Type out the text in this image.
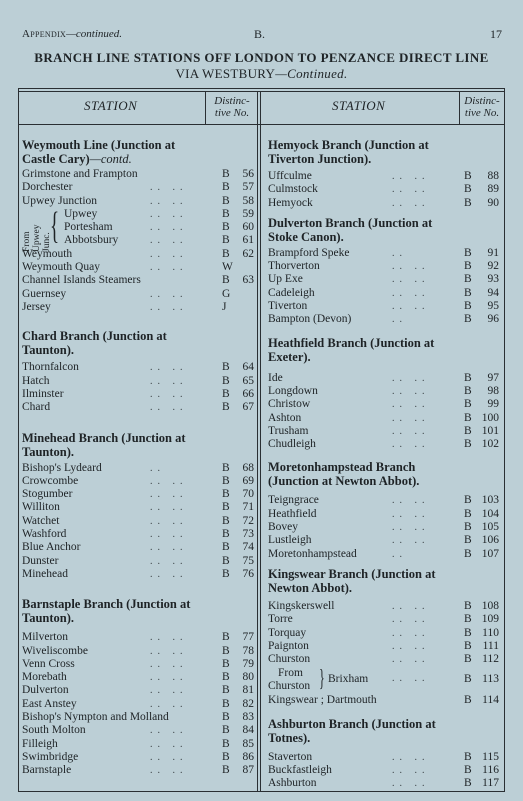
Appendix—continued.	B.	17
BRANCH LINE STATIONS OFF LONDON TO PENZANCE DIRECT LINE
VIA WESTBURY—Continued.
STATION	Distinc-
tive No.	STATION	Distinc-
tive No.
Weymouth Line (Junction at
Castle Cary)—contd.
Grimstone and Frampton	B	56
Dorchester	.. ..	B	57
Upwey Junction	.. ..	B	58
From Upwey Junc.
{ Upwey	.. ..	B	59
Portesham	.. ..	B	60
Abbotsbury	.. ..	B	61
Weymouth	.. ..	B	62
Weymouth Quay	.. ..	W
Channel Islands Steamers	B	63
Guernsey	.. ..	G
Jersey	.. ..	J
Chard Branch (Junction at
Taunton).
Thornfalcon	.. ..	B	64
Hatch	.. ..	B	65
Ilminster	.. ..	B	66
Chard	.. ..	B	67
Minehead Branch (Junction at
Taunton).
Bishop's Lydeard	..	B	68
Crowcombe	.. ..	B	69
Stogumber	.. ..	B	70
Williton	.. ..	B	71
Watchet	.. ..	B	72
Washford	.. ..	B	73
Blue Anchor	.. ..	B	74
Dunster	.. ..	B	75
Minehead	.. ..	B	76
Barnstaple Branch (Junction at
Taunton).
Milverton	.. ..	B	77
Wiveliscombe	.. ..	B	78
Venn Cross	.. ..	B	79
Morebath	.. ..	B	80
Dulverton	.. ..	B	81
East Anstey	.. ..	B	82
Bishop's Nympton and Molland	B	83
South Molton	.. ..	B	84
Filleigh	.. ..	B	85
Swimbridge	.. ..	B	86
Barnstaple	.. ..	B	87
Hemyock Branch (Junction at
Tiverton Junction).
Uffculme	.. ..	B	88
Culmstock	.. ..	B	89
Hemyock	.. ..	B	90
Dulverton Branch (Junction at
Stoke Canon).
Brampford Speke	..	B	91
Thorverton	.. ..	B	92
Up Exe	.. ..	B	93
Cadeleigh	.. ..	B	94
Tiverton	.. ..	B	95
Bampton (Devon)	..	B	96
Heathfield Branch (Junction at
Exeter).
Ide	.. ..	B	97
Longdown	.. ..	B	98
Christow	.. ..	B	99
Ashton	.. ..	B 100
Trusham	.. ..	B 101
Chudleigh	.. ..	B 102
Moretonhampstead Branch
(Junction at Newton Abbot).
Teigngrace	.. ..	B 103
Heathfield	.. ..	B 104
Bovey	.. ..	B 105
Lustleigh	.. ..	B 106
Moretonhampstead	..	B 107
Kingswear Branch (Junction at
Newton Abbot).
Kingskerswell	.. ..	B 108
Torre	.. ..	B 109
Torquay	.. ..	B 110
Paignton	.. ..	B 111
Churston	.. ..	B 112
From
Churston } Brixham .. ..	B 113
Kingswear ; Dartmouth	B 114
Ashburton Branch (Junction at
Totnes).
Staverton	.. ..	B 115
Buckfastleigh	.. ..	B 116
Ashburton	.. ..	B 117
